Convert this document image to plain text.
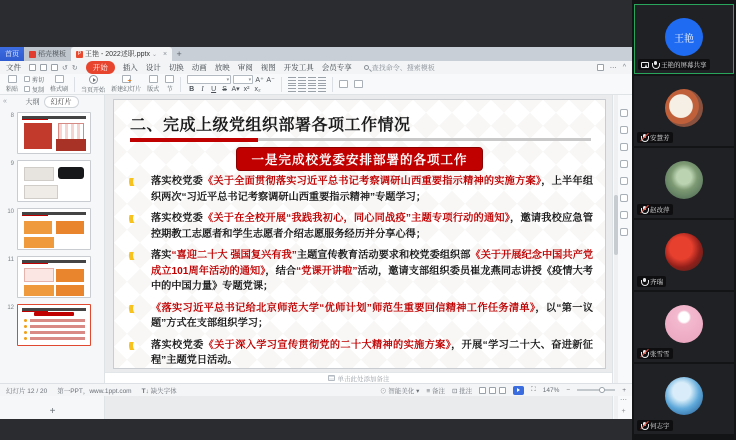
首页	稻壳模板	P 王艳 - 2022述职.pptx ⌄ ×	+
文件	↺ ↻	开始	插入 设计 切换 动画 放映 审阅 视图 开发工具 会员专享	查找命令、搜索模板	⋯ ^
粘贴
剪切
复制 格式刷 当页开始
+ 新建幻灯片 版式 节
▾	▾ A⁺ A⁻
B	I	U S A▾ x² x₂
«	大纲	幻灯片
8
9
10
11
12
+
二、完成上级党组织部署各项工作情况
一是完成校党委安排部署的各项工作

落实校党委《关于全面贯彻落实习近平总书记考察调研山西重要指示精神的实施方案》，上半年组织两次“习近平总书记考察调研山西重要指示精神”专题学习；

落实校党委《关于在全校开展“我践我初心，同心同战疫”主题专项行动的通知》，邀请我校应急管控期教工志愿者和学生志愿者介绍志愿服务经历并分享心得；

落实“喜迎二十大 强国复兴有我”主题宣传教育活动要求和校党委组织部《关于开展纪念中国共产党成立101周年活动的通知》，结合“党课开讲啦”活动，邀请支部组织委员崔龙燕同志讲授《疫情大考中的中国力量》专题党课；

《落实习近平总书记给北京师范大学“优师计划”师范生重要回信精神工作任务清单》，以“第一议题”方式在支部组织学习；

落实校党委《关于深入学习宣传贯彻党的二十大精神的实施方案》，开展“学习二十大、奋进新征程”主题党日活动。

⋯
+
单击此处添加备注
幻灯片 12 / 20 第一PPT，www.1ppt.com T↓ 缺失字体	⊙ 智能美化 ▾ ≡ 备注 ⊡ 批注	⛶ 147% −	+
王艳
王艳的屏幕共享
安慧芳
赵改萍
齐瑞
张雪雪
何志宇
